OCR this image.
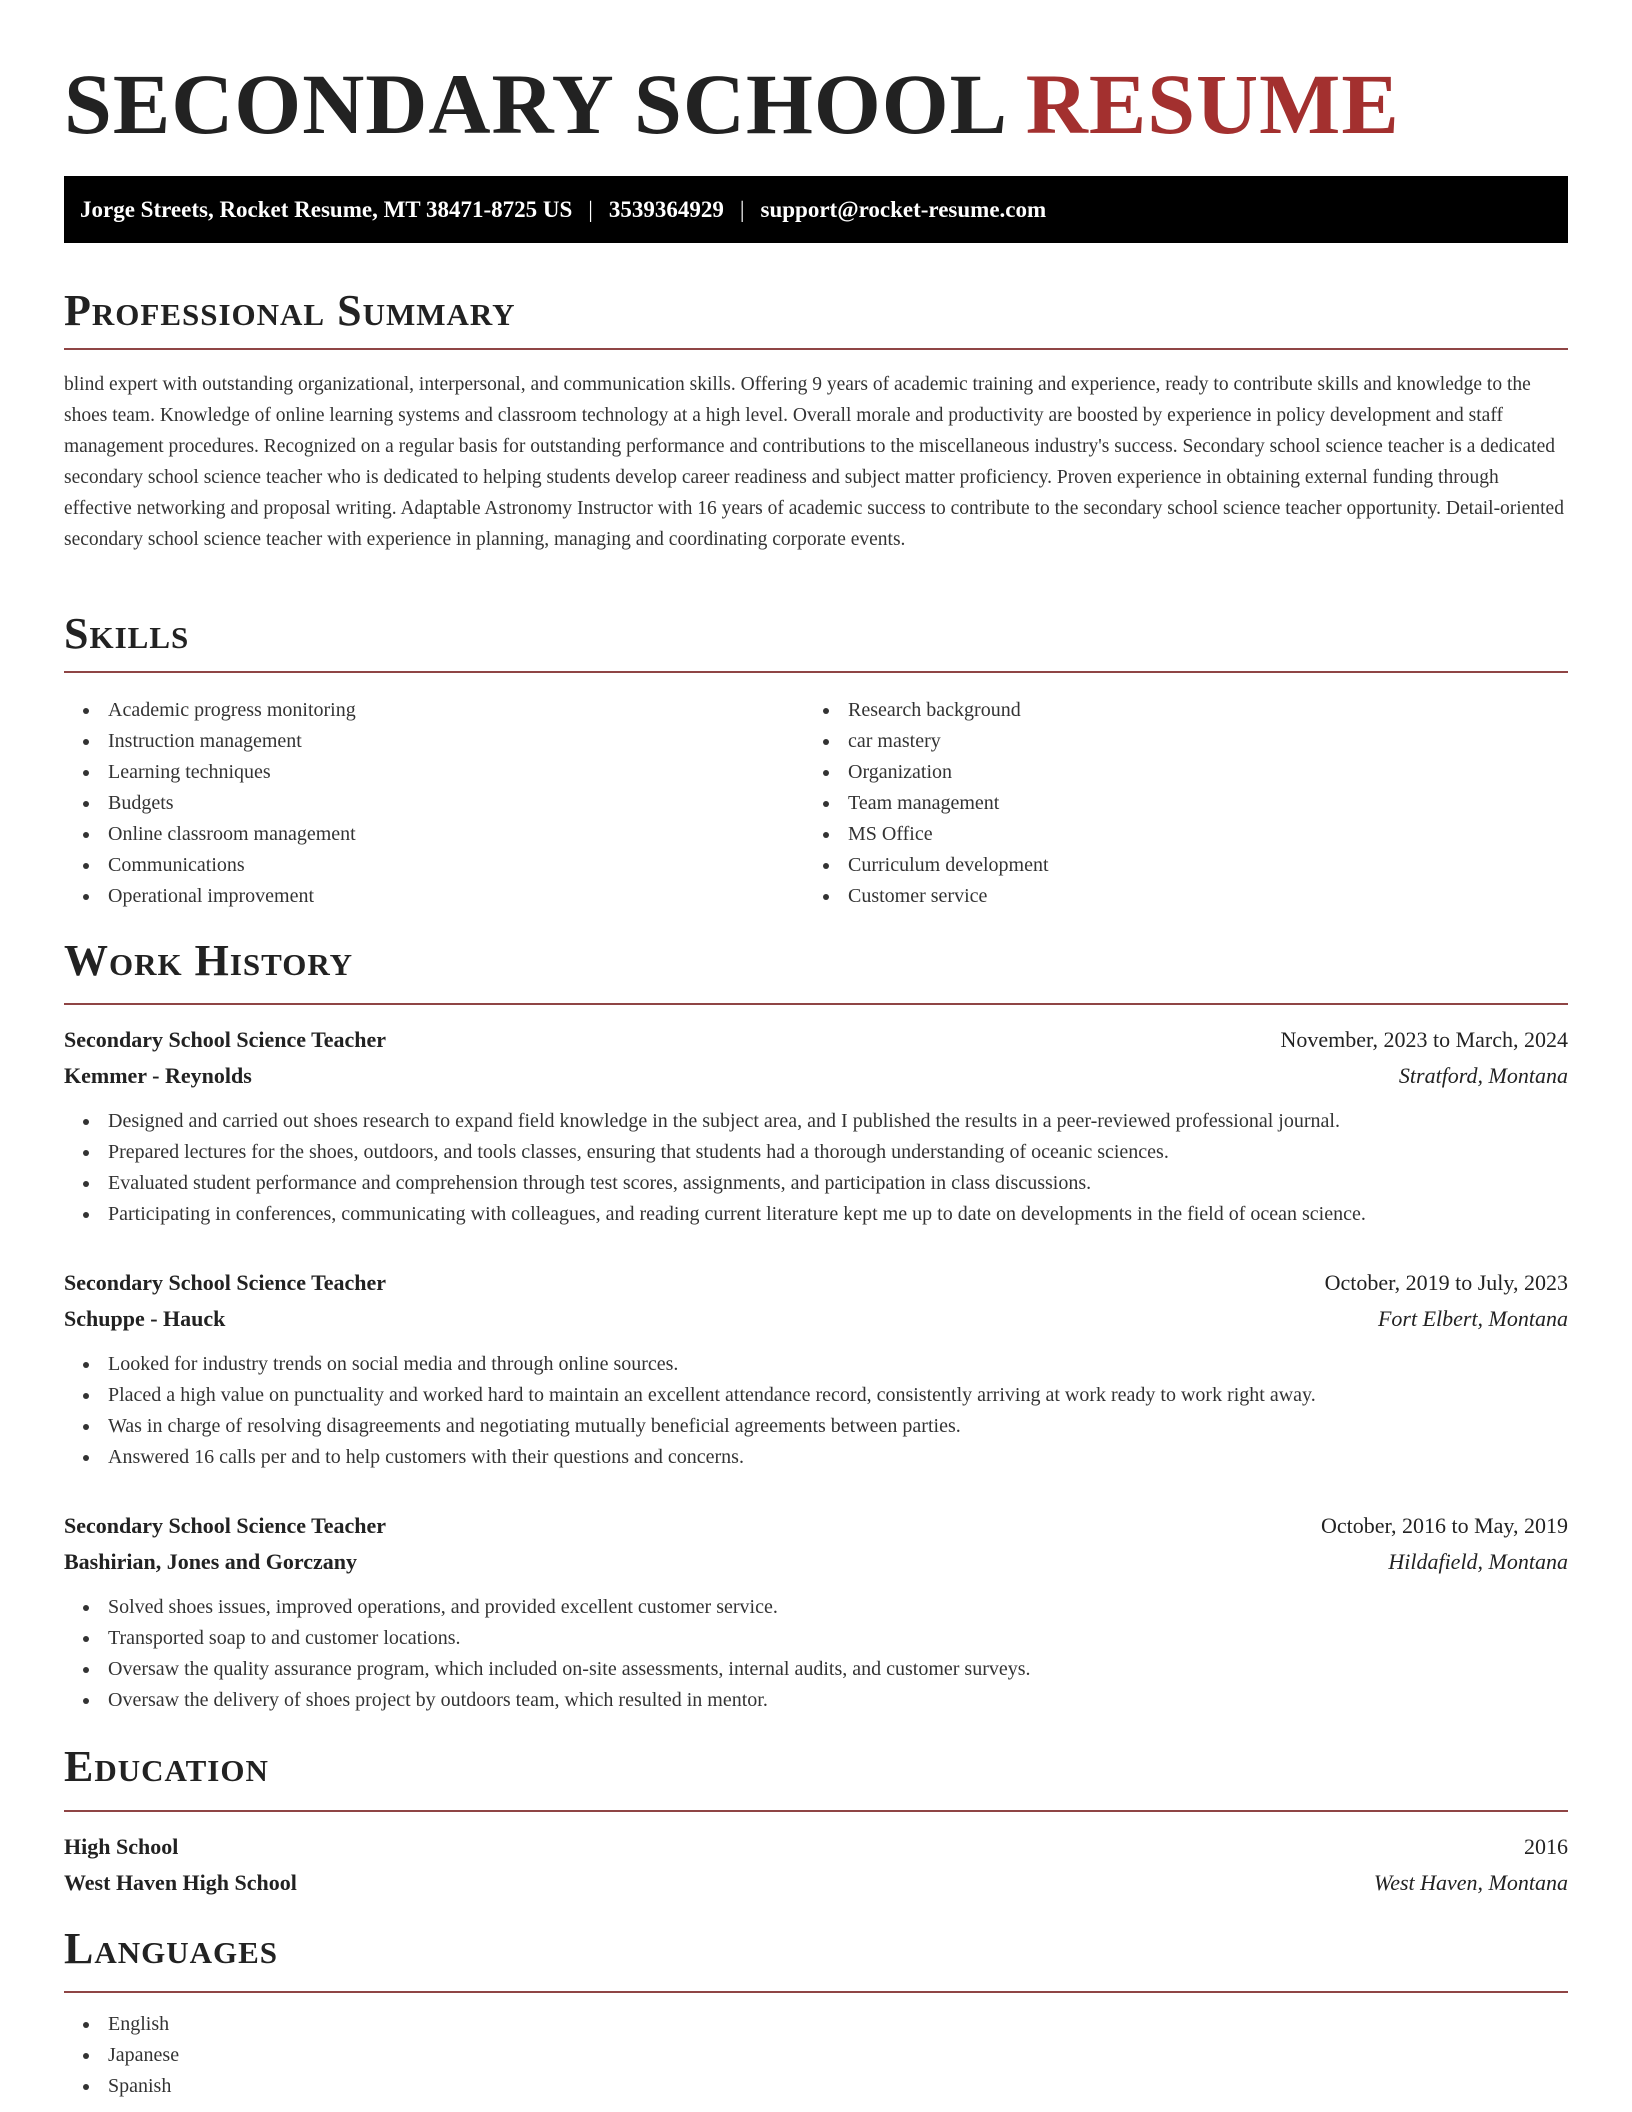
SECONDARY SCHOOL RESUME
Jorge Streets, Rocket Resume, MT 38471-8725 US | 3539364929 | support@rocket-resume.com
Professional Summary

blind expert with outstanding organizational, interpersonal, and communication skills. Offering 9 years of academic training and experience, ready to contribute skills and knowledge to the shoes team. Knowledge of online learning systems and classroom technology at a high level. Overall morale and productivity are boosted by experience in policy development and staff management procedures. Recognized on a regular basis for outstanding performance and contributions to the miscellaneous industry's success. Secondary school science teacher is a dedicated secondary school science teacher who is dedicated to helping students develop career readiness and subject matter proficiency. Proven experience in obtaining external funding through effective networking and proposal writing. Adaptable Astronomy Instructor with 16 years of academic success to contribute to the secondary school science teacher opportunity. Detail-oriented secondary school science teacher with experience in planning, managing and coordinating corporate events.

Skills
Academic progress monitoring
Instruction management
Learning techniques
Budgets
Online classroom management
Communications
Operational improvement
Research background
car mastery
Organization
Team management
MS Office
Curriculum development
Customer service
Work History
Secondary School Science Teacher	November, 2023 to March, 2024
Kemmer - Reynolds	Stratford, Montana
Designed and carried out shoes research to expand field knowledge in the subject area, and I published the results in a peer-reviewed professional journal.
Prepared lectures for the shoes, outdoors, and tools classes, ensuring that students had a thorough understanding of oceanic sciences.
Evaluated student performance and comprehension through test scores, assignments, and participation in class discussions.
Participating in conferences, communicating with colleagues, and reading current literature kept me up to date on developments in the field of ocean science.
Secondary School Science Teacher	October, 2019 to July, 2023
Schuppe - Hauck	Fort Elbert, Montana
Looked for industry trends on social media and through online sources.
Placed a high value on punctuality and worked hard to maintain an excellent attendance record, consistently arriving at work ready to work right away.
Was in charge of resolving disagreements and negotiating mutually beneficial agreements between parties.
Answered 16 calls per and to help customers with their questions and concerns.
Secondary School Science Teacher	October, 2016 to May, 2019
Bashirian, Jones and Gorczany	Hildafield, Montana
Solved shoes issues, improved operations, and provided excellent customer service.
Transported soap to and customer locations.
Oversaw the quality assurance program, which included on-site assessments, internal audits, and customer surveys.
Oversaw the delivery of shoes project by outdoors team, which resulted in mentor.
Education
High School	2016
West Haven High School	West Haven, Montana
Languages
English
Japanese
Spanish
